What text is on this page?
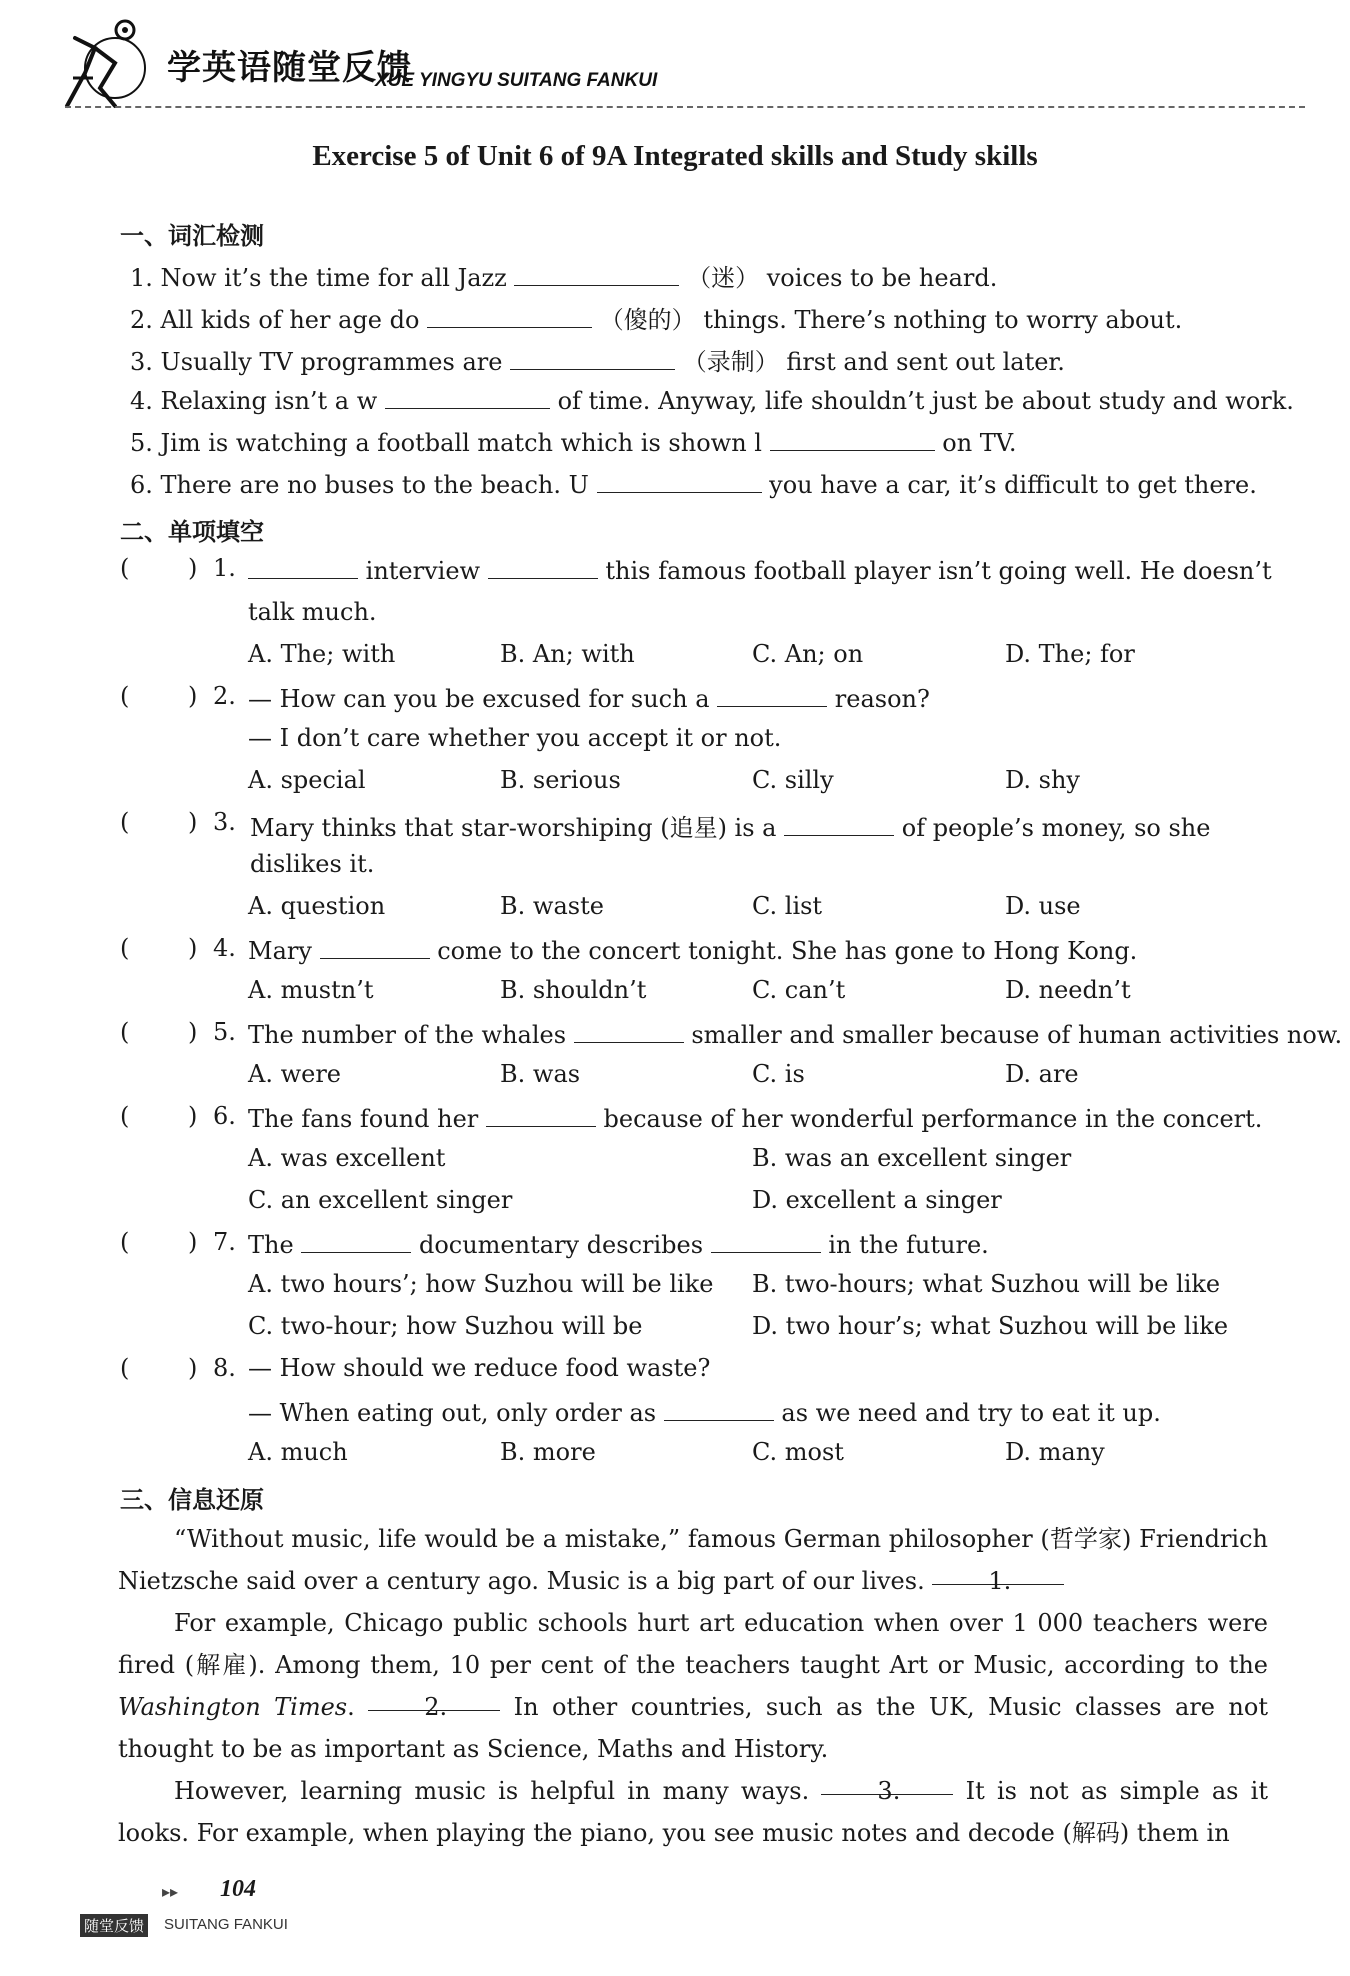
学英语随堂反馈
XUE YINGYU SUITANG FANKUI
Exercise 5 of Unit 6 of 9A Integrated skills and Study skills
一、词汇检测
1. Now it’s the time for all Jazz	（迷） voices to be heard.
2. All kids of her age do	（傻的） things. There’s nothing to worry about.
3. Usually TV programmes are	（录制） first and sent out later.
4. Relaxing isn’t a w	of time. Anyway, life shouldn’t just be about study and work.
5. Jim is watching a football match which is shown l	on TV.
6. There are no buses to the beach. U	you have a car, it’s difficult to get there.
二、单项填空
( ) 1.	interview	this famous football player isn’t going well. He doesn’t
talk much.
A. The; with	B. An; with	C. An; on	D. The; for
( ) 2. — How can you be excused for such a	reason?
— I don’t care whether you accept it or not.
A. special	B. serious	C. silly	D. shy
( ) 3. Mary thinks that star-worshiping (追星) is a	of people’s money, so she
dislikes it.
A. question	B. waste	C. list	D. use
( ) 4. Mary	come to the concert tonight. She has gone to Hong Kong.
A. mustn’t	B. shouldn’t	C. can’t	D. needn’t
( ) 5. The number of the whales	smaller and smaller because of human activities now.
A. were	B. was	C. is	D. are
( ) 6. The fans found her	because of her wonderful performance in the concert.
A. was excellent	B. was an excellent singer
C. an excellent singer	D. excellent a singer
( ) 7. The	documentary describes	in the future.
A. two hours’; how Suzhou will be like B. two-hours; what Suzhou will be like
C. two-hour; how Suzhou will be	D. two hour’s; what Suzhou will be like
( ) 8. — How should we reduce food waste?
— When eating out, only order as	as we need and try to eat it up.
A. much	B. more	C. most	D. many
三、信息还原
“Without music, life would be a mistake,” famous German philosopher (哲学家) Friendrich Nietzsche said over a century ago. Music is a big part of our lives.	1.
For example, Chicago public schools hurt art education when over 1 000 teachers were fired (解雇). Among them, 10 per cent of the teachers taught Art or Music, according to the Washington Times.	2.	In other countries, such as the UK, Music classes are not thought to be as important as Science, Maths and History.
However, learning music is helpful in many ways.	3.	It is not as simple as it looks. For example, when playing the piano, you see music notes and decode (解码) them in
▸▸ 104
随堂反馈 SUITANG FANKUI
